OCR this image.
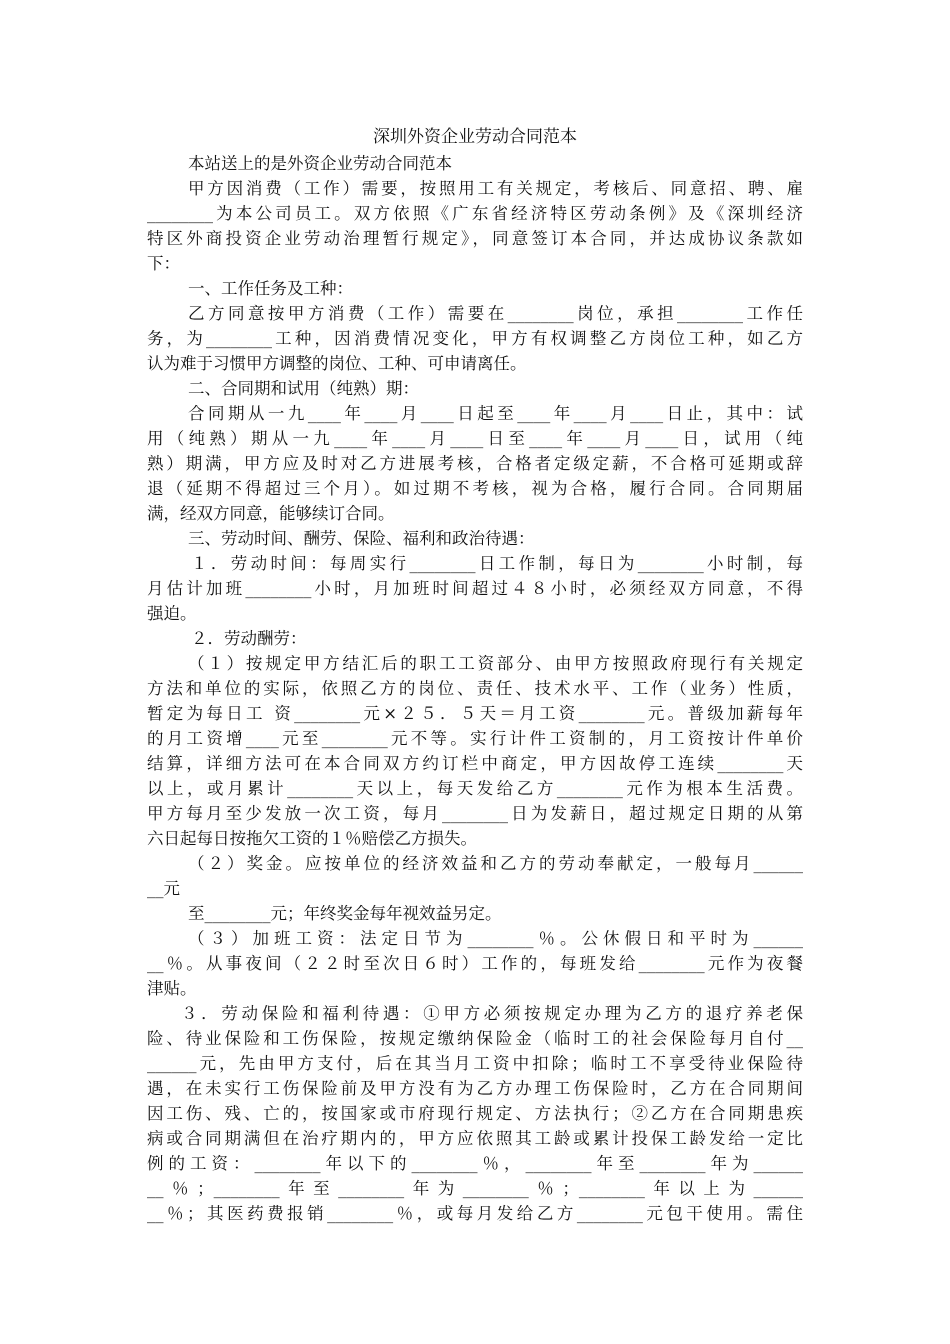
深圳外资企业劳动合同范本
本站送上的是外资企业劳动合同范本
甲方因消费（工作）需要，按照用工有关规定，考核后、同意招、聘、雇
________为本公司员工。双方依照《广东省经济特区劳动条例》及《深圳经济
特区外商投资企业劳动治理暂行规定》，同意签订本合同，并达成协议条款如
下：
一、工作任务及工种：
乙方同意按甲方消费（工作）需要在________岗位，承担________工作任
务，为________工种，因消费情况变化，甲方有权调整乙方岗位工种，如乙方
认为难于习惯甲方调整的岗位、工种、可申请离任。
二、合同期和试用（纯熟）期：
合同期从一九____年____月____日起至____年____月____日止，其中：试
用（纯熟）期从一九____年____月____日至____年____月____日，试用（纯
熟）期满，甲方应及时对乙方进展考核，合格者定级定薪，不合格可延期或辞
退（延期不得超过三个月）。如过期不考核，视为合格，履行合同。合同期届
满，经双方同意，能够续订合同。
三、劳动时间、酬劳、保险、福利和政治待遇：
１．劳动时间：每周实行________日工作制，每日为________小时制，每
月估计加班________小时，月加班时间超过４８小时，必须经双方同意，不得
强迫。
２．劳动酬劳：
（１）按规定甲方结汇后的职工工资部分、由甲方按照政府现行有关规定
方法和单位的实际，依照乙方的岗位、责任、技术水平、工作（业务）性质，
暂定为每日工 资________元×２５．５天＝月工资________元。普级加薪每年
的月工资增____元至________元不等。实行计件工资制的，月工资按计件单价
结算，详细方法可在本合同双方约订栏中商定，甲方因故停工连续________天
以上，或月累计________天以上，每天发给乙方________元作为根本生活费。
甲方每月至少发放一次工资，每月________日为发薪日，超过规定日期的从第
六日起每日按拖欠工资的１％赔偿乙方损失。
（２）奖金。应按单位的经济效益和乙方的劳动奉献定，一般每月______
__元
至________元；年终奖金每年视效益另定。
（３）加班工资：法定日节为________％。公休假日和平时为______
__％。从事夜间（２２时至次日６时）工作的，每班发给________元作为夜餐
津贴。
３．劳动保险和福利待遇：①甲方必须按规定办理为乙方的退疗养老保
险、待业保险和工伤保险，按规定缴纳保险金（临时工的社会保险每月自付__
______元，先由甲方支付，后在其当月工资中扣除；临时工不享受待业保险待
遇，在未实行工伤保险前及甲方没有为乙方办理工伤保险时，乙方在合同期间
因工伤、残、亡的，按国家或市府现行规定、方法执行；②乙方在合同期患疾
病或合同期满但在治疗期内的，甲方应依照其工龄或累计投保工龄发给一定比
例的工资：________年以下的________％，________年至________年为______
__％；________年至________年为________％；________年以上为______
__％；其医药费报销________％，或每月发给乙方________元包干使用。需住
